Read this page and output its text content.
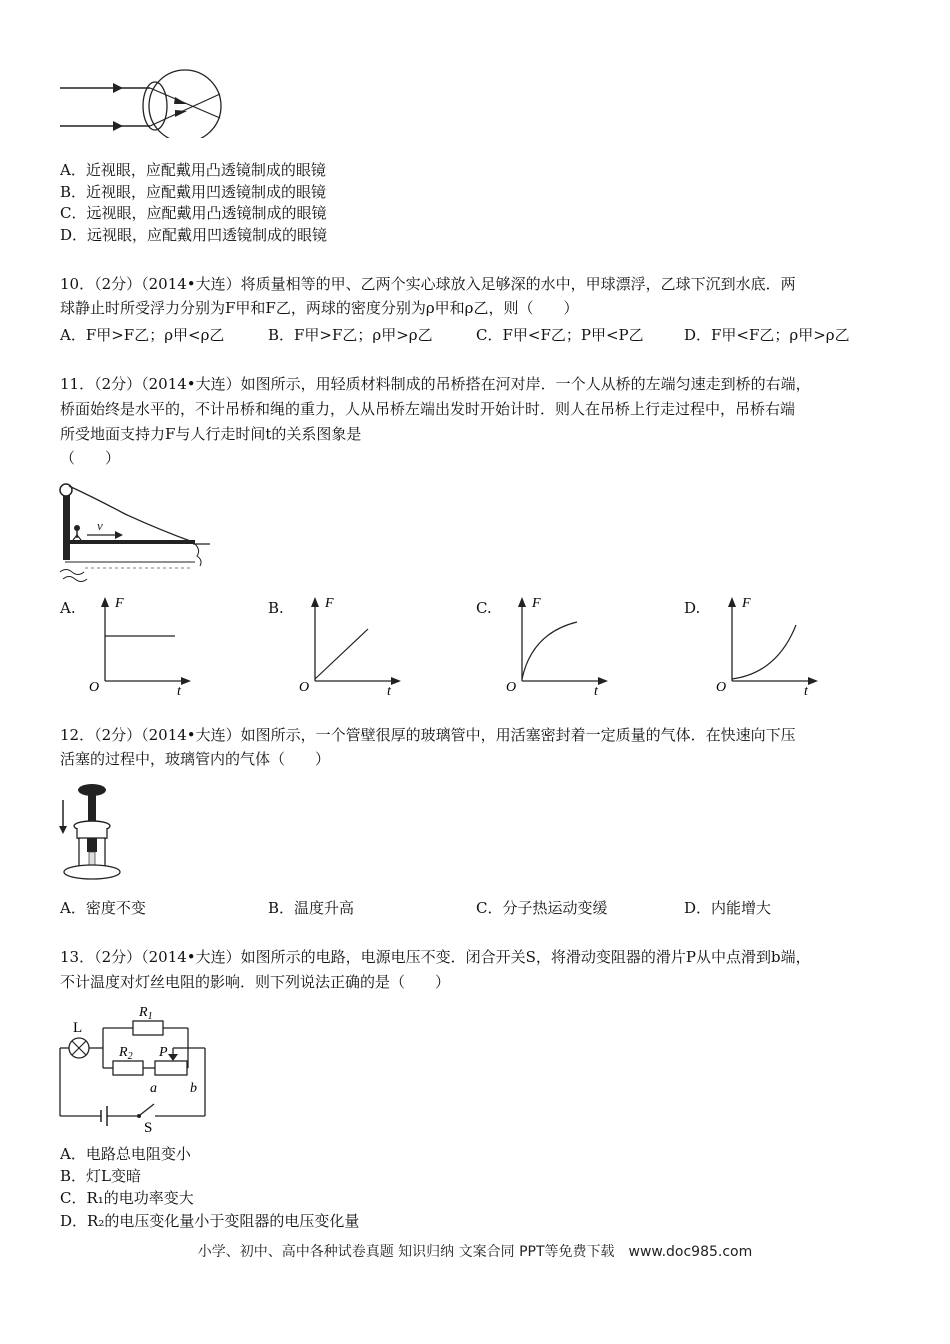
A．近视眼，应配戴用凸透镜制成的眼镜
B．近视眼，应配戴用凹透镜制成的眼镜
C．远视眼，应配戴用凸透镜制成的眼镜
D．远视眼，应配戴用凹透镜制成的眼镜
10．（2分）（2014•大连）将质量相等的甲、乙两个实心球放入足够深的水中，甲球漂浮，乙球下沉到水底．两
球静止时所受浮力分别为F甲和F乙，两球的密度分别为ρ甲和ρ乙，则（　　）
A．F甲>F乙；ρ甲<ρ乙	B．F甲>F乙；ρ甲>ρ乙	C．F甲<F乙；P甲<P乙	D．F甲<F乙；ρ甲>ρ乙
11．（2分）（2014•大连）如图所示，用轻质材料制成的吊桥搭在河对岸．一个人从桥的左端匀速走到桥的右端，
桥面始终是水平的，不计吊桥和绳的重力，人从吊桥左端出发时开始计时．则人在吊桥上行走过程中，吊桥右端
所受地面支持力F与人行走时间t的关系图象是
（　　）
v
A.	B.	C.	D.
F
t
O
F
t
O
F
t
O
F
t
O
12．（2分）（2014•大连）如图所示，一个管壁很厚的玻璃管中，用活塞密封着一定质量的气体．在快速向下压
活塞的过程中，玻璃管内的气体（　　）
A．密度不变	B．温度升高	C．分子热运动变缓	D．内能增大
13．（2分）（2014•大连）如图所示的电路，电源电压不变．闭合开关S，将滑动变阻器的滑片P从中点滑到b端，
不计温度对灯丝电阻的影响．则下列说法正确的是（　　）
L
$R_1$
$R_2$ P
a b
S
A．电路总电阻变小
B．灯L变暗
C．R₁的电功率变大
D．R₂的电压变化量小于变阻器的电压变化量
小学、初中、高中各种试卷真题 知识归纳 文案合同 PPT等免费下载　www.doc985.com
